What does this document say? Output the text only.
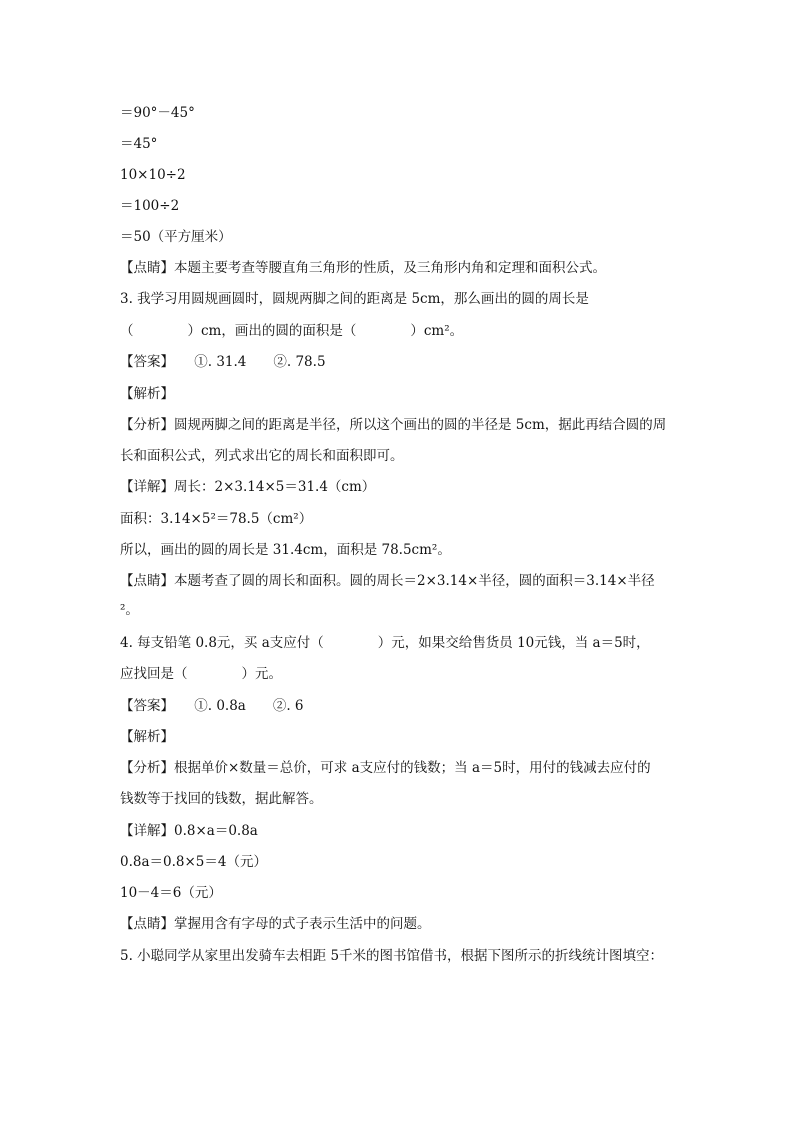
＝90°－45°
＝45°
10×10÷2
＝100÷2
＝50（平方厘米）
【点睛】本题主要考查等腰直角三角形的性质，及三角形内角和定理和面积公式。
3. 我学习用圆规画圆时，圆规两脚之间的距离是 5cm，那么画出的圆的周长是
（　　　　）cm，画出的圆的面积是（　　　　）cm²。
【答案】　　①. 31.4　　②. 78.5
【解析】
【分析】圆规两脚之间的距离是半径，所以这个画出的圆的半径是 5cm，据此再结合圆的周
长和面积公式，列式求出它的周长和面积即可。
【详解】周长：2×3.14×5＝31.4（cm）
面积：3.14×5²＝78.5（cm²）
所以，画出的圆的周长是 31.4cm，面积是 78.5cm²。
【点睛】本题考查了圆的周长和面积。圆的周长＝2×3.14×半径，圆的面积＝3.14×半径
²。
4. 每支铅笔 0.8元，买 a支应付（　　　　）元，如果交给售货员 10元钱，当 a＝5时，
应找回是（　　　　）元。
【答案】　　①. 0.8a　　②. 6
【解析】
【分析】根据单价×数量＝总价，可求 a支应付的钱数；当 a＝5时，用付的钱减去应付的
钱数等于找回的钱数，据此解答。
【详解】0.8×a＝0.8a
0.8a＝0.8×5＝4（元）
10－4＝6（元）
【点睛】掌握用含有字母的式子表示生活中的问题。
5. 小聪同学从家里出发骑车去相距 5千米的图书馆借书，根据下图所示的折线统计图填空：
